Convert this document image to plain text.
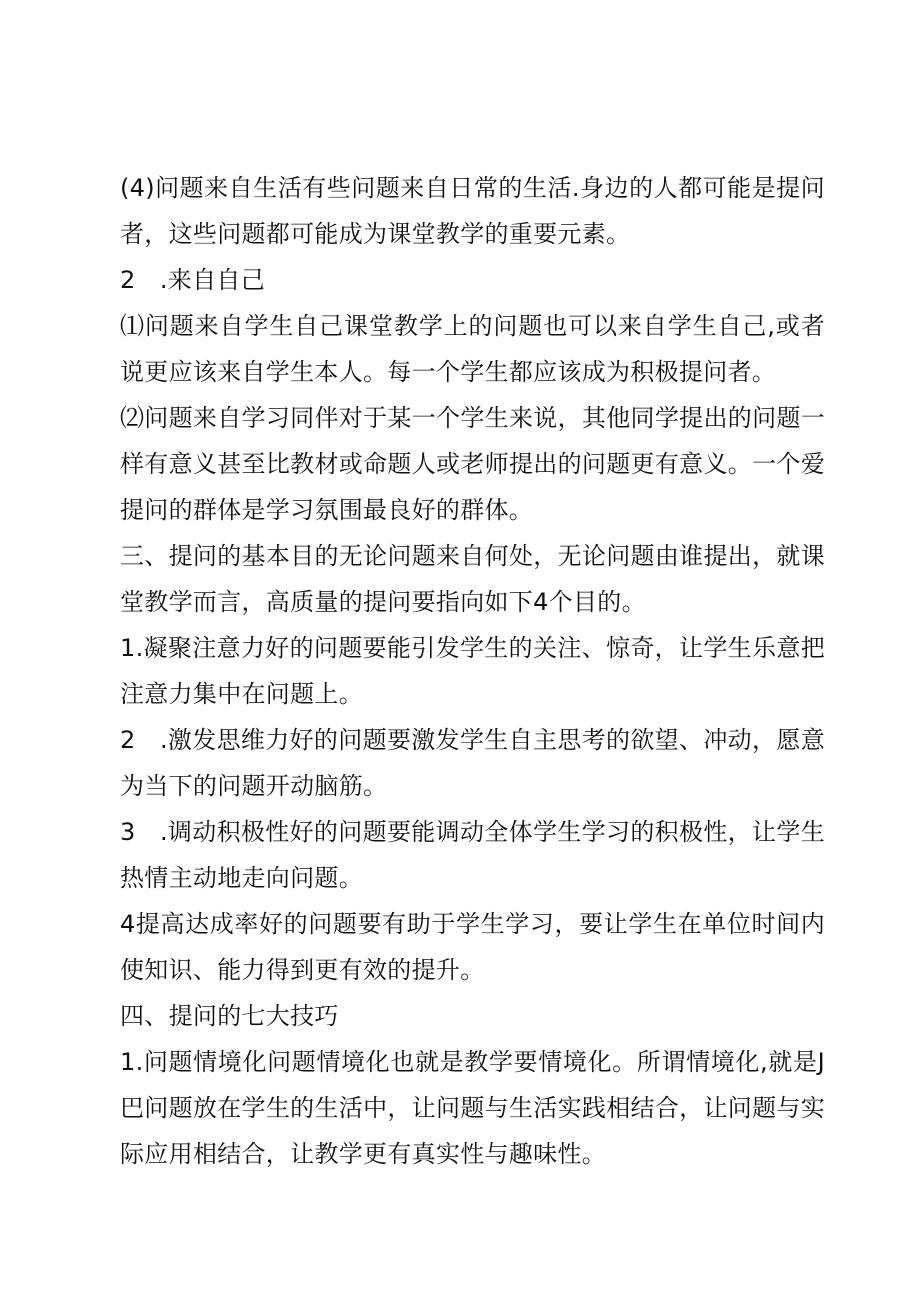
(4)问题来自生活有些问题来自日常的生活.身边的人都可能是提问者，这些问题都可能成为课堂教学的重要元素。

2　.来自自己

⑴问题来自学生自己课堂教学上的问题也可以来自学生自己,或者说更应该来自学生本人。每一个学生都应该成为积极提问者。

⑵问题来自学习同伴对于某一个学生来说，其他同学提出的问题一样有意义甚至比教材或命题人或老师提出的问题更有意义。一个爱提问的群体是学习氛围最良好的群体。

三、提问的基本目的无论问题来自何处，无论问题由谁提出，就课堂教学而言，高质量的提问要指向如下4个目的。

1.凝聚注意力好的问题要能引发学生的关注、惊奇，让学生乐意把注意力集中在问题上。

2　.激发思维力好的问题要激发学生自主思考的欲望、冲动，愿意为当下的问题开动脑筋。

3　.调动积极性好的问题要能调动全体学生学习的积极性，让学生热情主动地走向问题。

4提高达成率好的问题要有助于学生学习，要让学生在单位时间内使知识、能力得到更有效的提升。

四、提问的七大技巧

1.问题情境化问题情境化也就是教学要情境化。所谓情境化,就是J巴问题放在学生的生活中，让问题与生活实践相结合，让问题与实际应用相结合，让教学更有真实性与趣味性。
